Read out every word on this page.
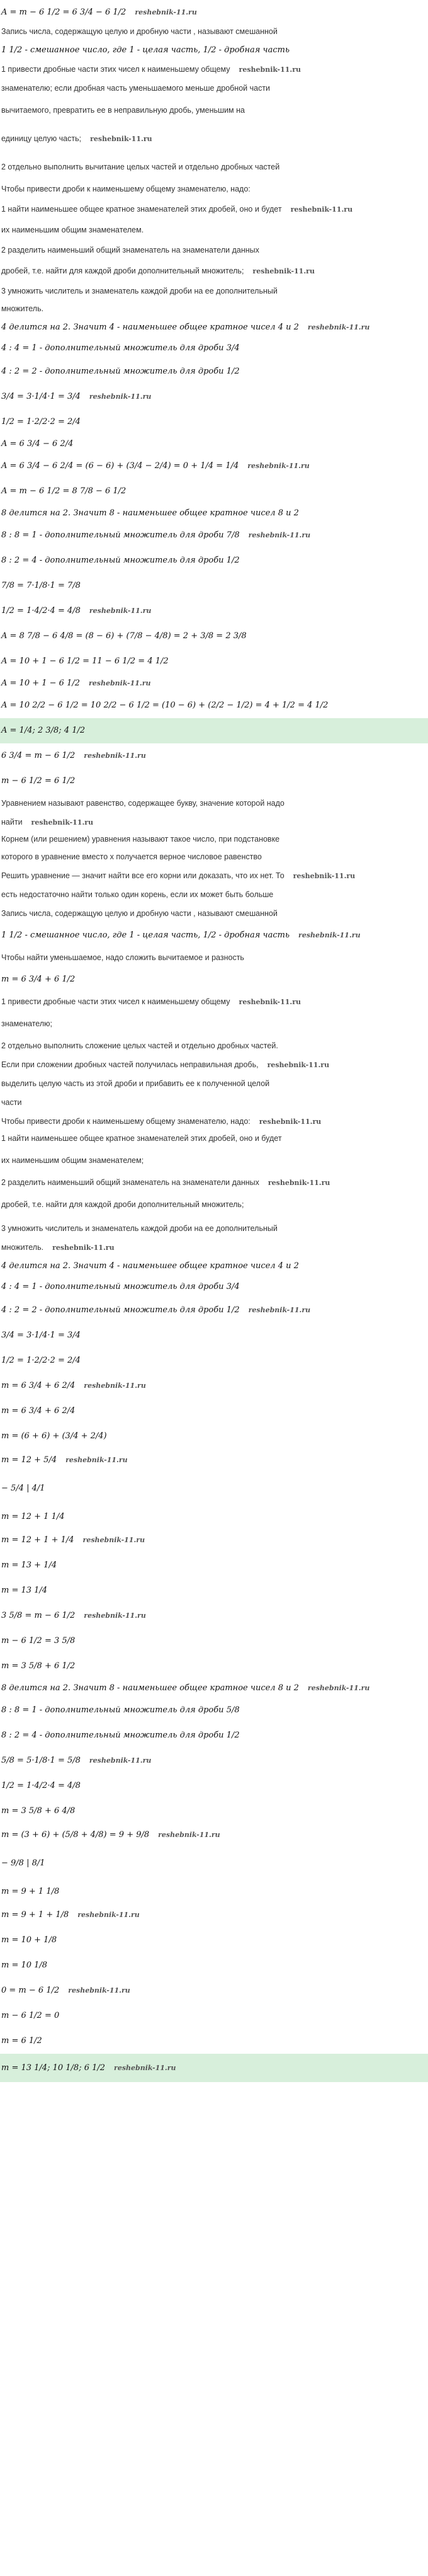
A = m − 6 1/2 = 6 3/4 − 6 1/2 reshebnik-11.ru
Запись числа, содержащую целую и дробную части , называют смешанной
1 1/2 - смешанное число, где 1 - целая часть, 1/2 - дробная часть
1 привести дробные части этих чисел к наименьшему общему reshebnik-11.ru
знаменателю; если дробная часть уменьшаемого меньше дробной части
вычитаемого, превратить ее в неправильную дробь, уменьшим на
единицу целую часть; reshebnik-11.ru
2 отдельно выполнить вычитание целых частей и отдельно дробных частей
Чтобы привести дроби к наименьшему общему знаменателю, надо:
1 найти наименьшее общее кратное знаменателей этих дробей, оно и будет reshebnik-11.ru
их наименьшим общим знаменателем.
2 разделить наименьший общий знаменатель на знаменатели данных
дробей, т.е. найти для каждой дроби дополнительный множитель; reshebnik-11.ru
3 умножить числитель и знаменатель каждой дроби на ее дополнительный
множитель.
4 делится на 2. Значит 4 - наименьшее общее кратное чисел 4 и 2 reshebnik-11.ru
4 : 4 = 1 - дополнительный множитель для дроби 3/4
4 : 2 = 2 - дополнительный множитель для дроби 1/2
3/4 = 3·1/4·1 = 3/4 reshebnik-11.ru
1/2 = 1·2/2·2 = 2/4
A = 6 3/4 − 6 2/4
A = 6 3/4 − 6 2/4 = (6 − 6) + (3/4 − 2/4) = 0 + 1/4 = 1/4 reshebnik-11.ru
A = m − 6 1/2 = 8 7/8 − 6 1/2
8 делится на 2. Значит 8 - наименьшее общее кратное чисел 8 и 2
8 : 8 = 1 - дополнительный множитель для дроби 7/8 reshebnik-11.ru
8 : 2 = 4 - дополнительный множитель для дроби 1/2
7/8 = 7·1/8·1 = 7/8
1/2 = 1·4/2·4 = 4/8 reshebnik-11.ru
A = 8 7/8 − 6 4/8 = (8 − 6) + (7/8 − 4/8) = 2 + 3/8 = 2 3/8
A = 10 + 1 − 6 1/2 = 11 − 6 1/2 = 4 1/2
A = 10 + 1 − 6 1/2 reshebnik-11.ru
A = 10 2/2 − 6 1/2 = 10 2/2 − 6 1/2 = (10 − 6) + (2/2 − 1/2) = 4 + 1/2 = 4 1/2
A = 1/4; 2 3/8; 4 1/2
6 3/4 = m − 6 1/2 reshebnik-11.ru
m − 6 1/2 = 6 1/2
Уравнением называют равенство, содержащее букву, значение которой надо
найти reshebnik-11.ru
Корнем (или решением) уравнения называют такое число, при подстановке
которого в уравнение вместо x получается верное числовое равенство
Решить уравнение — значит найти все его корни или доказать, что их нет. То reshebnik-11.ru
есть недостаточно найти только один корень, если их может быть больше
Запись числа, содержащую целую и дробную части , называют смешанной
1 1/2 - смешанное число, где 1 - целая часть, 1/2 - дробная часть reshebnik-11.ru
Чтобы найти уменьшаемое, надо сложить вычитаемое и разность
m = 6 3/4 + 6 1/2
1 привести дробные части этих чисел к наименьшему общему reshebnik-11.ru
знаменателю;
2 отдельно выполнить сложение целых частей и отдельно дробных частей.
Если при сложении дробных частей получилась неправильная дробь, reshebnik-11.ru
выделить целую часть из этой дроби и прибавить ее к полученной целой
части
Чтобы привести дроби к наименьшему общему знаменателю, надо: reshebnik-11.ru
1 найти наименьшее общее кратное знаменателей этих дробей, оно и будет
их наименьшим общим знаменателем;
2 разделить наименьший общий знаменатель на знаменатели данных reshebnik-11.ru
дробей, т.е. найти для каждой дроби дополнительный множитель;
3 умножить числитель и знаменатель каждой дроби на ее дополнительный
множитель. reshebnik-11.ru
4 делится на 2. Значит 4 - наименьшее общее кратное чисел 4 и 2
4 : 4 = 1 - дополнительный множитель для дроби 3/4
4 : 2 = 2 - дополнительный множитель для дроби 1/2 reshebnik-11.ru
3/4 = 3·1/4·1 = 3/4
1/2 = 1·2/2·2 = 2/4
m = 6 3/4 + 6 2/4 reshebnik-11.ru
m = 6 3/4 + 6 2/4
m = (6 + 6) + (3/4 + 2/4)
m = 12 + 5/4 reshebnik-11.ru
− 5/4 | 4/1
m = 12 + 1 1/4
m = 12 + 1 + 1/4 reshebnik-11.ru
m = 13 + 1/4
m = 13 1/4
3 5/8 = m − 6 1/2 reshebnik-11.ru
m − 6 1/2 = 3 5/8
m = 3 5/8 + 6 1/2
8 делится на 2. Значит 8 - наименьшее общее кратное чисел 8 и 2 reshebnik-11.ru
8 : 8 = 1 - дополнительный множитель для дроби 5/8
8 : 2 = 4 - дополнительный множитель для дроби 1/2
5/8 = 5·1/8·1 = 5/8 reshebnik-11.ru
1/2 = 1·4/2·4 = 4/8
m = 3 5/8 + 6 4/8
m = (3 + 6) + (5/8 + 4/8) = 9 + 9/8 reshebnik-11.ru
− 9/8 | 8/1
m = 9 + 1 1/8
m = 9 + 1 + 1/8 reshebnik-11.ru
m = 10 + 1/8
m = 10 1/8
0 = m − 6 1/2 reshebnik-11.ru
m − 6 1/2 = 0
m = 6 1/2
m = 13 1/4; 10 1/8; 6 1/2 reshebnik-11.ru
